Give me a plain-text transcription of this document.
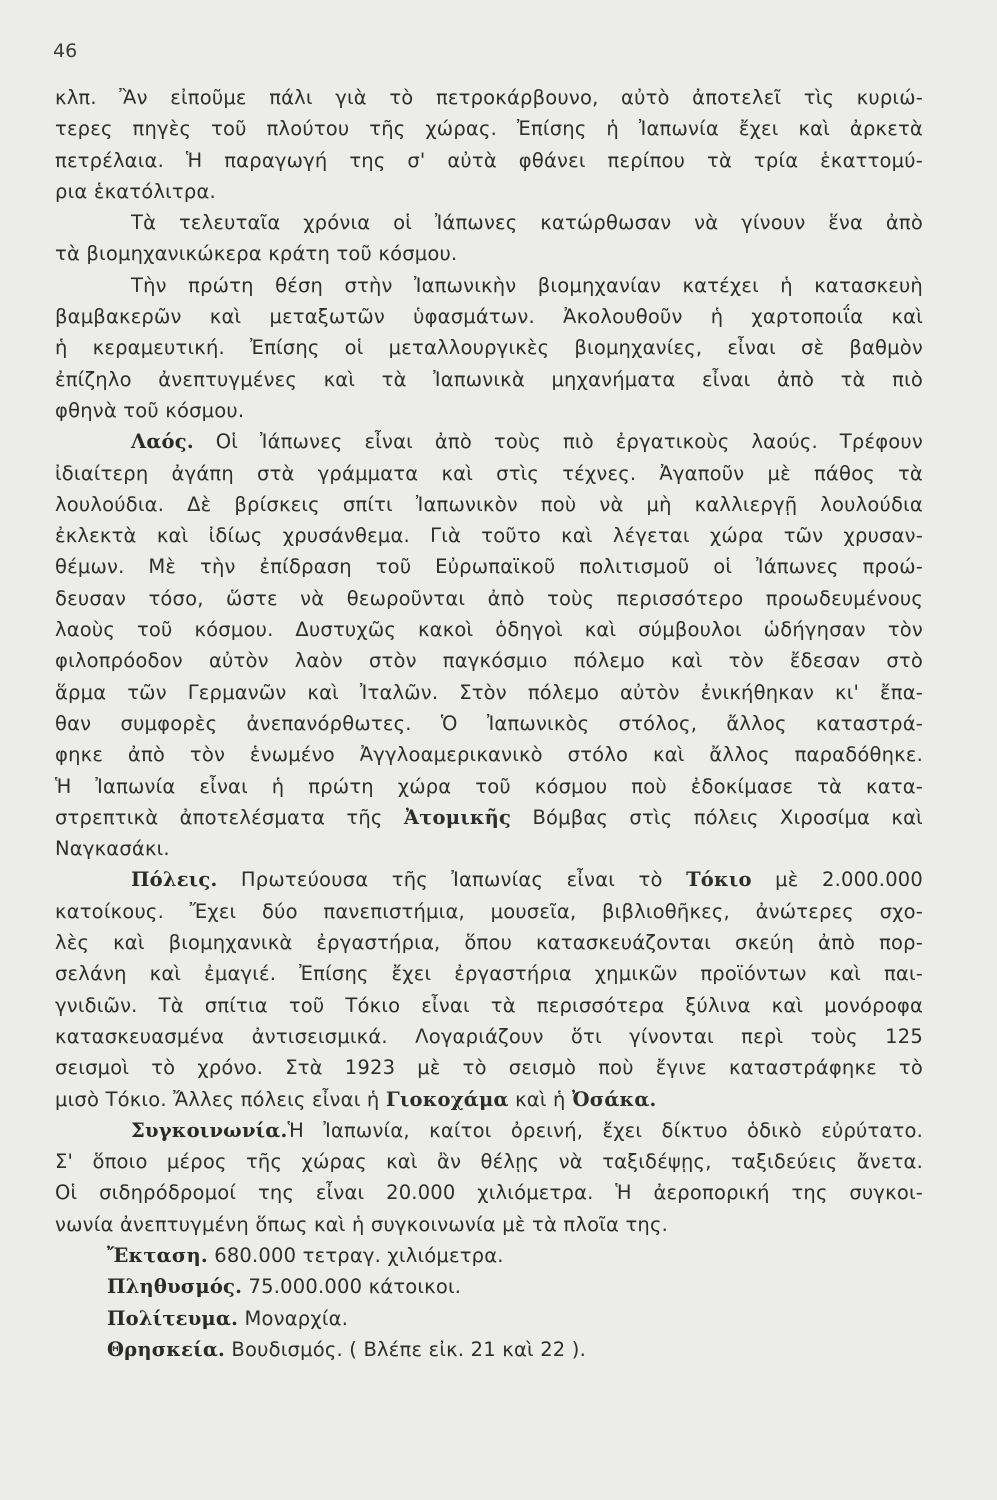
46
κλπ. Ἂν εἰποῦμε πάλι γιὰ τὸ πετροκάρβουνο, αὐτὸ ἀποτελεῖ τὶς κυριώ-
τερες πηγὲς τοῦ πλούτου τῆς χώρας. Ἐπίσης ἡ Ἰαπωνία ἔχει καὶ ἀρκετὰ
πετρέλαια. Ἡ παραγωγή της σ' αὐτὰ φθάνει περίπου τὰ τρία ἑκαττομύ-
ρια ἑκατόλιτρα.
Τὰ τελευταῖα χρόνια οἱ Ἰάπωνες κατώρθωσαν νὰ γίνουν ἕνα ἀπὸ
τὰ βιομηχανικώκερα κράτη τοῦ κόσμου.
Τὴν πρώτη θέση στὴν Ἰαπωνικὴν βιομηχανίαν κατέχει ἡ κατασκευὴ
βαμβακερῶν καὶ μεταξωτῶν ὑφασμάτων. Ἀκολουθοῦν ἡ χαρτοποιΐα καὶ
ἡ κεραμευτική. Ἐπίσης οἱ μεταλλουργικὲς βιομηχανίες, εἶναι σὲ βαθμὸν
ἐπίζηλο ἀνεπτυγμένες καὶ τὰ Ἰαπωνικὰ μηχανήματα εἶναι ἀπὸ τὰ πιὸ
φθηνὰ τοῦ κόσμου.
Λαός. Οἱ Ἰάπωνες εἶναι ἀπὸ τοὺς πιὸ ἐργατικοὺς λαούς. Τρέφουν
ἰδιαίτερη ἀγάπη στὰ γράμματα καὶ στὶς τέχνες. Ἀγαποῦν μὲ πάθος τὰ
λουλούδια. Δὲ βρίσκεις σπίτι Ἰαπωνικὸν ποὺ νὰ μὴ καλλιεργῇ λουλούδια
ἐκλεκτὰ καὶ ἰδίως χρυσάνθεμα. Γιὰ τοῦτο καὶ λέγεται χώρα τῶν χρυσαν-
θέμων. Μὲ τὴν ἐπίδραση τοῦ Εὐρωπαϊκοῦ πολιτισμοῦ οἱ Ἰάπωνες προώ-
δευσαν τόσο, ὥστε νὰ θεωροῦνται ἀπὸ τοὺς περισσότερο προωδευμένους
λαοὺς τοῦ κόσμου. Δυστυχῶς κακοὶ ὁδηγοὶ καὶ σύμβουλοι ὡδήγησαν τὸν
φιλοπρόοδον αὐτὸν λαὸν στὸν παγκόσμιο πόλεμο καὶ τὸν ἔδεσαν στὸ
ἅρμα τῶν Γερμανῶν καὶ Ἰταλῶν. Στὸν πόλεμο αὐτὸν ἐνικήθηκαν κι' ἔπα-
θαν συμφορὲς ἀνεπανόρθωτες. Ὁ Ἰαπωνικὸς στόλος, ἄλλος καταστρά-
φηκε ἀπὸ τὸν ἑνωμένο Ἀγγλοαμερικανικὸ στόλο καὶ ἄλλος παραδόθηκε.
Ἡ Ἰαπωνία εἶναι ἡ πρώτη χώρα τοῦ κόσμου ποὺ ἐδοκίμασε τὰ κατα-
στρεπτικὰ ἀποτελέσματα τῆς Ἀτομικῆς Βόμβας στὶς πόλεις Χιροσίμα καὶ
Ναγκασάκι.
Πόλεις. Πρωτεύουσα τῆς Ἰαπωνίας εἶναι τὸ Τόκιο μὲ 2.000.000
κατοίκους. Ἔχει δύο πανεπιστήμια, μουσεῖα, βιβλιοθῆκες, ἀνώτερες σχο-
λὲς καὶ βιομηχανικὰ ἐργαστήρια, ὅπου κατασκευάζονται σκεύη ἀπὸ πορ-
σελάνη καὶ ἐμαγιέ. Ἐπίσης ἔχει ἐργαστήρια χημικῶν προϊόντων καὶ παι-
γνιδιῶν. Τὰ σπίτια τοῦ Τόκιο εἶναι τὰ περισσότερα ξύλινα καὶ μονόροφα
κατασκευασμένα ἀντισεισμικά. Λογαριάζουν ὅτι γίνονται περὶ τοὺς 125
σεισμοὶ τὸ χρόνο. Στὰ 1923 μὲ τὸ σεισμὸ ποὺ ἔγινε καταστράφηκε τὸ
μισὸ Τόκιο. Ἄλλες πόλεις εἶναι ἡ Γιοκοχάμα καὶ ἡ Ὀσάκα.
Συγκοινωνία.Ἡ Ἰαπωνία, καίτοι ὀρεινή, ἔχει δίκτυο ὁδικὸ εὐρύτατο.
Σ' ὅποιο μέρος τῆς χώρας καὶ ἂν θέλῃς νὰ ταξιδέψῃς, ταξιδεύεις ἄνετα.
Οἱ σιδηρόδρομοί της εἶναι 20.000 χιλιόμετρα. Ἡ ἀεροπορική της συγκοι-
νωνία ἀνεπτυγμένη ὅπως καὶ ἡ συγκοινωνία μὲ τὰ πλοῖα της.
Ἔκταση. 680.000 τετραγ. χιλιόμετρα.
Πληθυσμός. 75.000.000 κάτοικοι.
Πολίτευμα. Μοναρχία.
Θρησκεία. Βουδισμός. ( Βλέπε εἰκ. 21 καὶ 22 ).
